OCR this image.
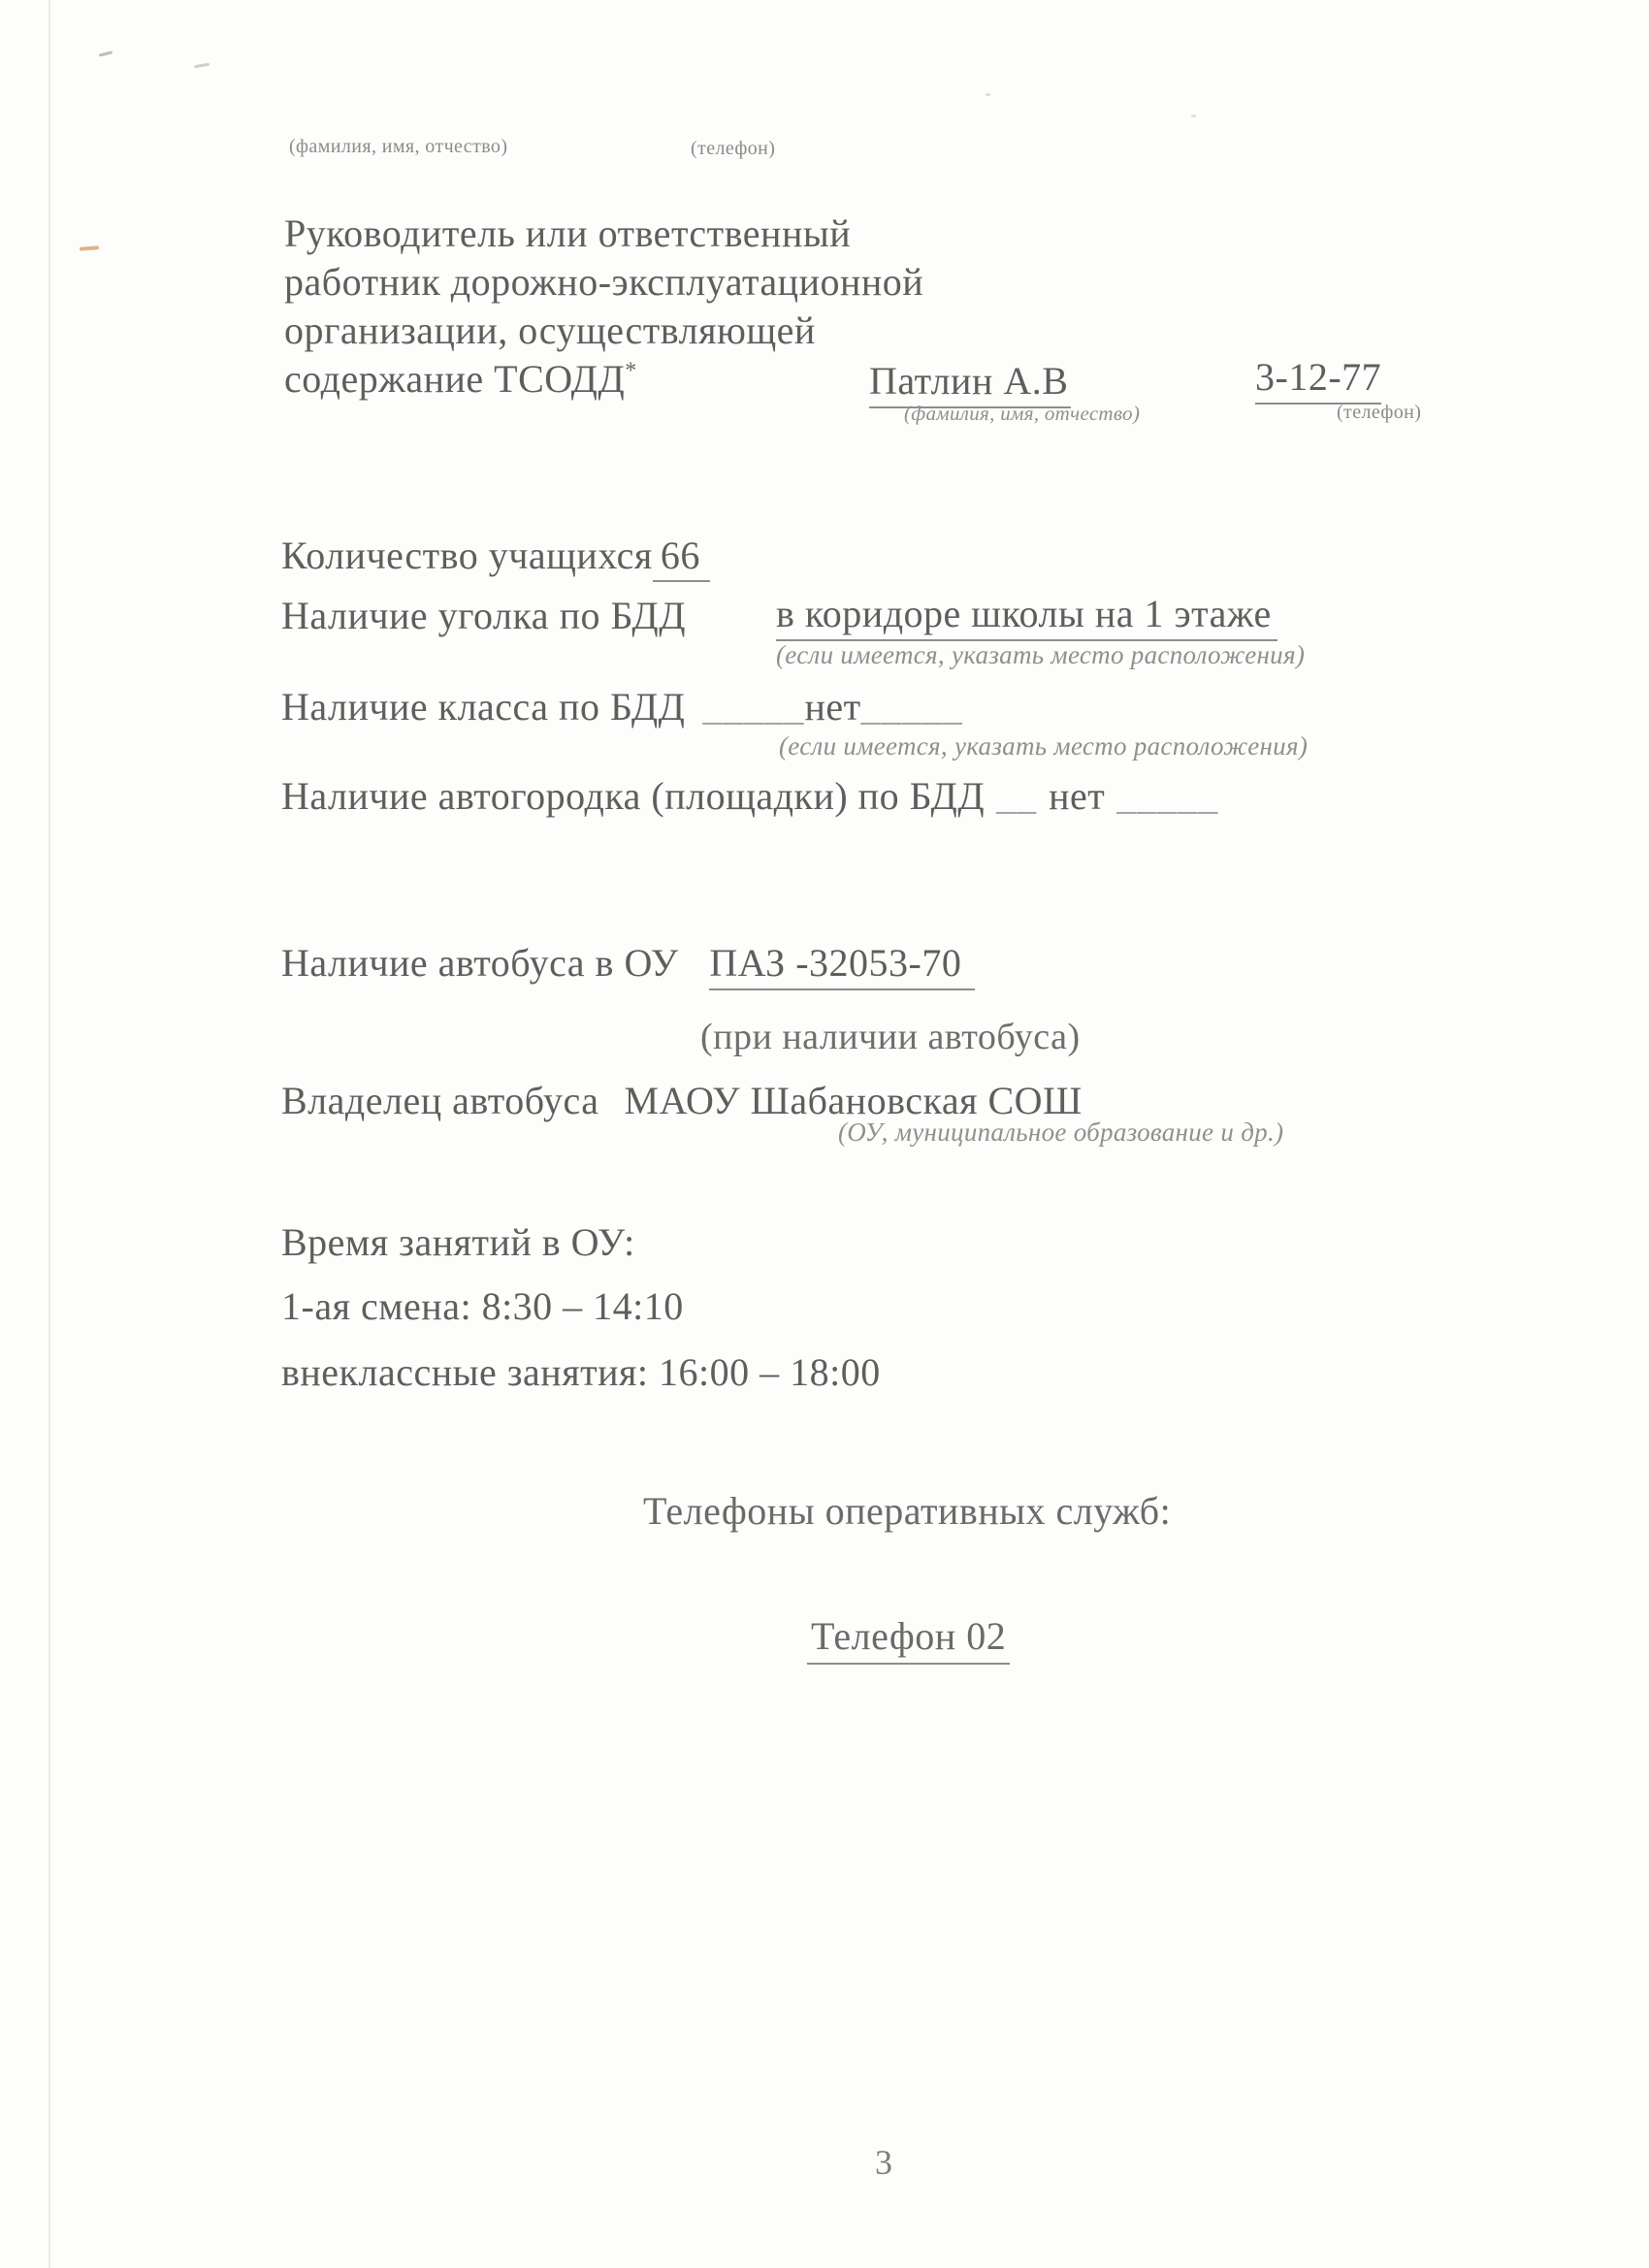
(фамилия, имя, отчество)	(телефон)
Руководитель или ответственный
работник дорожно-эксплуатационной
организации, осуществляющей
содержание ТСОДД*	Патлин А.В
(фамилия, имя, отчество)
3-12-77
(телефон)
Количество учащихся 66
Наличие уголка по БДД в коридоре школы на 1 этаже
(если имеется, указать место расположения)
Наличие класса по БДД _____нет_____
(если имеется, указать место расположения)
Наличие автогородка (площадки) по БДД __ нет _____
Наличие автобуса в ОУ ПАЗ -32053-70
(при наличии автобуса)
Владелец автобуса МАОУ Шабановская СОШ
(ОУ, муниципальное образование и др.)
Время занятий в ОУ:
1-ая смена: 8:30 – 14:10
внеклассные занятия: 16:00 – 18:00
Телефоны оперативных служб:
Телефон 02
3
